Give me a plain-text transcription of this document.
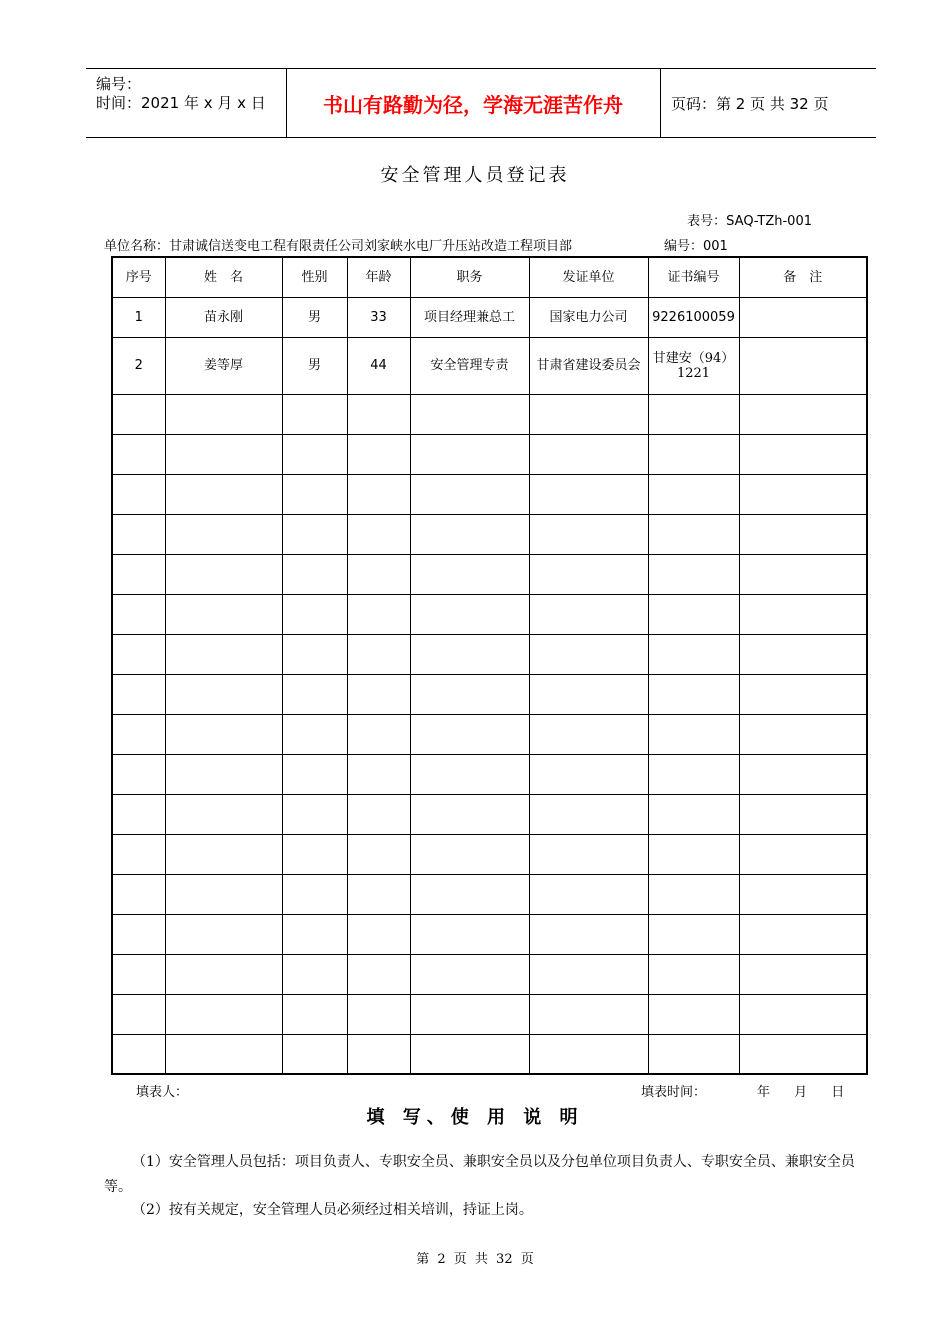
编号：
时间：2021 年 x 月 x 日	书山有路勤为径，学海无涯苦作舟	页码：第 2 页 共 32 页
安全管理人员登记表
表号：SAQ-TZh-001
单位名称：甘肃诚信送变电工程有限责任公司刘家峡水电厂升压站改造工程项目部	编号：001
序号	姓　名	性别	年龄	职务	发证单位	证书编号	备　注
1	苗永刚	男	33	项目经理兼总工	国家电力公司	9226100059	
2	姜等厚	男	44	安全管理专责	甘肃省建设委员会	甘建安（94）1221	

填表人：	填表时间：	年 月 日
填 写、使 用 说 明
（1）安全管理人员包括：项目负责人、专职安全员、兼职安全员以及分包单位项目负责人、专职安全员、兼职安全员等。
（2）按有关规定，安全管理人员必须经过相关培训，持证上岗。
第 2 页 共 32 页
